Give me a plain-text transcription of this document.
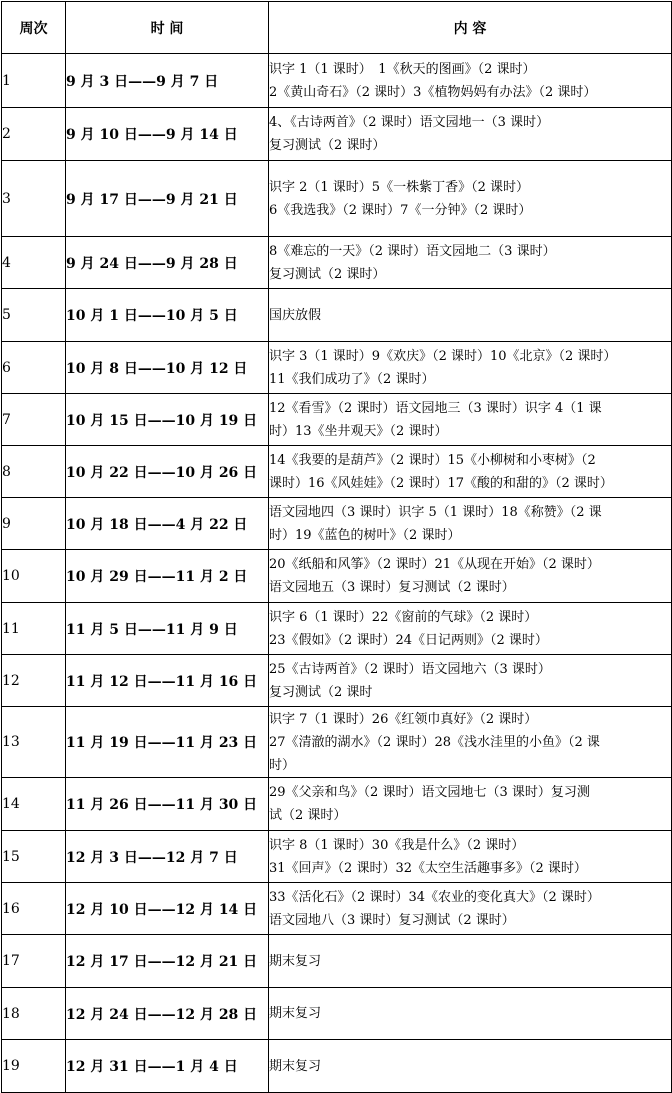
周次	时 间	内 容
1	9 月 3 日——9 月 7 日	识字 1（1 课时）　1《秋天的图画》（2 课时）
2《黄山奇石》（2 课时）3《植物妈妈有办法》（2 课时）

2	9 月 10 日——9 月 14 日	4、《古诗两首》（2 课时）语文园地一（3 课时）
复习测试（2 课时）

3	9 月 17 日——9 月 21 日	识字 2（1 课时）5《一株紫丁香》（2 课时）
6《我选我》（2 课时）7《一分钟》（2 课时）

4	9 月 24 日——9 月 28 日	8《难忘的一天》（2 课时）语文园地二（3 课时）
复习测试（2 课时）

5	10 月 1 日——10 月 5 日	国庆放假

6	10 月 8 日——10 月 12 日	识字 3（1 课时）9《欢庆》（2 课时）10《北京》（2 课时）
11《我们成功了》（2 课时）

7	10 月 15 日——10 月 19 日	12《看雪》（2 课时）语文园地三（3 课时）识字 4（1 课
时）13《坐井观天》（2 课时）

8	10 月 22 日——10 月 26 日	14《我要的是葫芦》（2 课时）15《小柳树和小枣树》（2
课时）16《风娃娃》（2 课时）17《酸的和甜的》（2 课时）

9	10 月 18 日——4 月 22 日	语文园地四（3 课时）识字 5（1 课时）18《称赞》（2 课
时）19《蓝色的树叶》（2 课时）

10	10 月 29 日——11 月 2 日	20《纸船和风筝》（2 课时）21《从现在开始》（2 课时）
语文园地五（3 课时）复习测试（2 课时）

11	11 月 5 日——11 月 9 日	识字 6（1 课时）22《窗前的气球》（2 课时）
23《假如》（2 课时）24《日记两则》（2 课时）

12	11 月 12 日——11 月 16 日	25《古诗两首》（2 课时）语文园地六（3 课时）
复习测试（2 课时

13	11 月 19 日——11 月 23 日	识字 7（1 课时）26《红领巾真好》（2 课时）
27《清澈的湖水》（2 课时）28《浅水洼里的小鱼》（2 课
时）

14	11 月 26 日——11 月 30 日	29《父亲和鸟》（2 课时）语文园地七（3 课时）复习测
试（2 课时）

15	12 月 3 日——12 月 7 日	识字 8（1 课时）30《我是什么》（2 课时）
31《回声》（2 课时）32《太空生活趣事多》（2 课时）

16	12 月 10 日——12 月 14 日	33《活化石》（2 课时）34《农业的变化真大》（2 课时）
语文园地八（3 课时）复习测试（2 课时）

17	12 月 17 日——12 月 21 日	期末复习

18	12 月 24 日——12 月 28 日	期末复习

19	12 月 31 日——1 月 4 日	期末复习
